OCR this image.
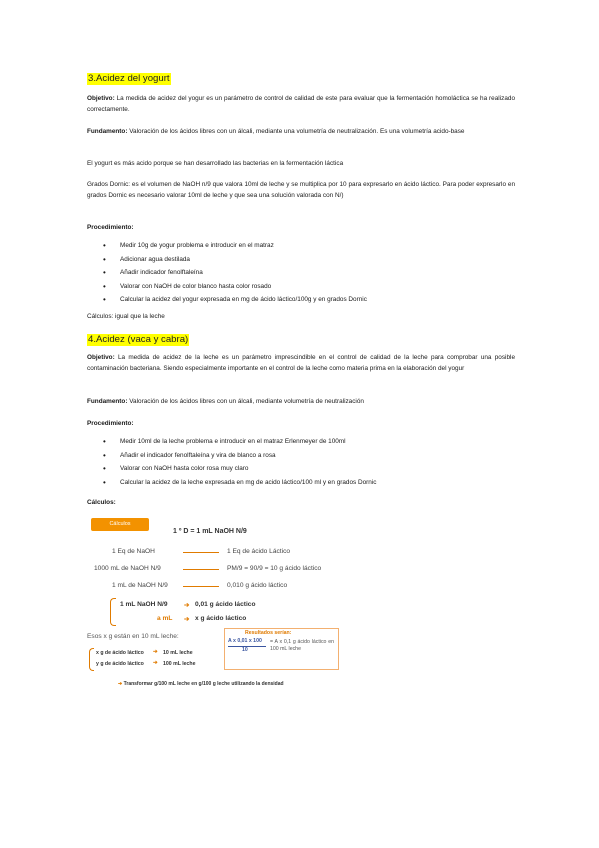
3.Acidez del yogurt
Objetivo: La medida de acidez del yogur es un parámetro de control de calidad de este para evaluar que la fermentación homoláctica se ha realizado correctamente.
Fundamento: Valoración de los ácidos libres con un álcali, mediante una volumetría de neutralización. Es una volumetría acido-base
El yogurt es más acido porque se han desarrollado las bacterias en la fermentación láctica
Grados Dornic: es el volumen de NaOH n/9 que valora 10ml de leche y se multiplica por 10 para expresarlo en ácido láctico. Para poder expresarlo en grados Dornic es necesario valorar 10ml de leche y que sea una solución valorada con N/)
Procedimiento:
• Medir 10g de yogur problema e introducir en el matraz
• Adicionar agua destilada
• Añadir indicador fenolftaleína
• Valorar con NaOH de color blanco hasta color rosado
• Calcular la acidez del yogur expresada en mg de ácido láctico/100g y en grados Dornic
Cálculos: igual que la leche
4.Acidez (vaca y cabra)
Objetivo: La medida de acidez de la leche es un parámetro imprescindible en el control de calidad de la leche para comprobar una posible contaminación bacteriana. Siendo especialmente importante en el control de la leche como materia prima en la elaboración del yogur
Fundamento: Valoración de los ácidos libres con un álcali, mediante volumetría de neutralización
Procedimiento:
• Medir 10ml de la leche problema e introducir en el matraz Erlenmeyer de 100ml
• Añadir el indicador fenolftaleína y vira de blanco a rosa
• Valorar con NaOH hasta color rosa muy claro
• Calcular la acidez de la leche expresada en mg de acido láctico/100 ml y en grados Dornic
Cálculos:
Cálculos
1 º D = 1 mL NaOH N/9
1 Eq de NaOH	1 Eq de ácido Láctico
1000 mL de NaOH N/9	PM/9 = 90/9 = 10 g ácido láctico
1 mL de NaOH N/9	0,010 g ácido láctico
1 mL NaOH N/9 ➔ 0,01 g ácido láctico
a mL ➔ x g ácido láctico
Esos x g están en 10 mL leche:
x g de ácido láctico ➔ 10 mL leche
y g de ácido láctico ➔ 100 mL leche
Resultados serían:
A x 0,01 x 100
10
= A x 0,1 g ácido láctico en 100 mL leche
➔ Transformar g/100 mL leche en g/100 g leche utilizando la densidad
